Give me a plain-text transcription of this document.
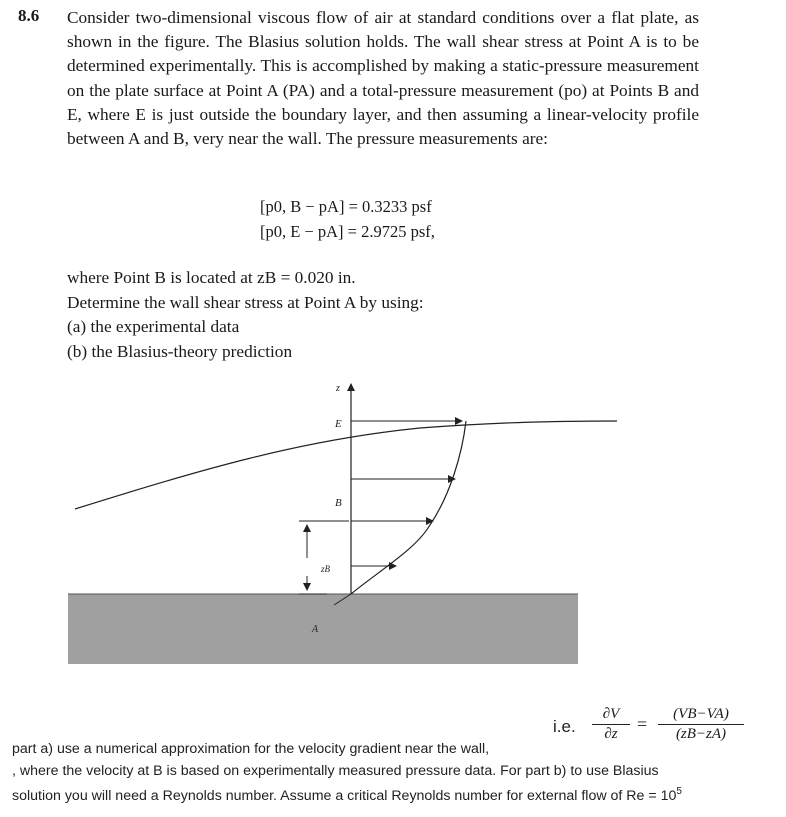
8.6 Consider two-dimensional viscous flow of air at standard conditions over a flat plate, as shown in the figure. The Blasius solution holds. The wall shear stress at Point A is to be determined experimentally. This is accomplished by making a static-pressure measurement on the plate surface at Point A (PA) and a total-pressure measurement (po) at Points B and E, where E is just outside the boundary layer, and then assuming a linear-velocity profile between A and B, very near the wall. The pressure measurements are:
[p0, B − pA] = 0.3233 psf
[p0, E − pA] = 2.9725 psf,
where Point B is located at zB = 0.020 in.
Determine the wall shear stress at Point A by using:
(a) the experimental data
(b) the Blasius-theory prediction
z
E
B
zB
A
i.e. $\frac{\partial V}{\partial z} = \frac{(VB-VA)}{(zB-zA)}$
part a) use a numerical approximation for the velocity gradient near the wall,
, where the velocity at B is based on experimentally measured pressure data. For part b) to use Blasius
solution you will need a Reynolds number. Assume a critical Reynolds number for external flow of $Re = 10^5$
